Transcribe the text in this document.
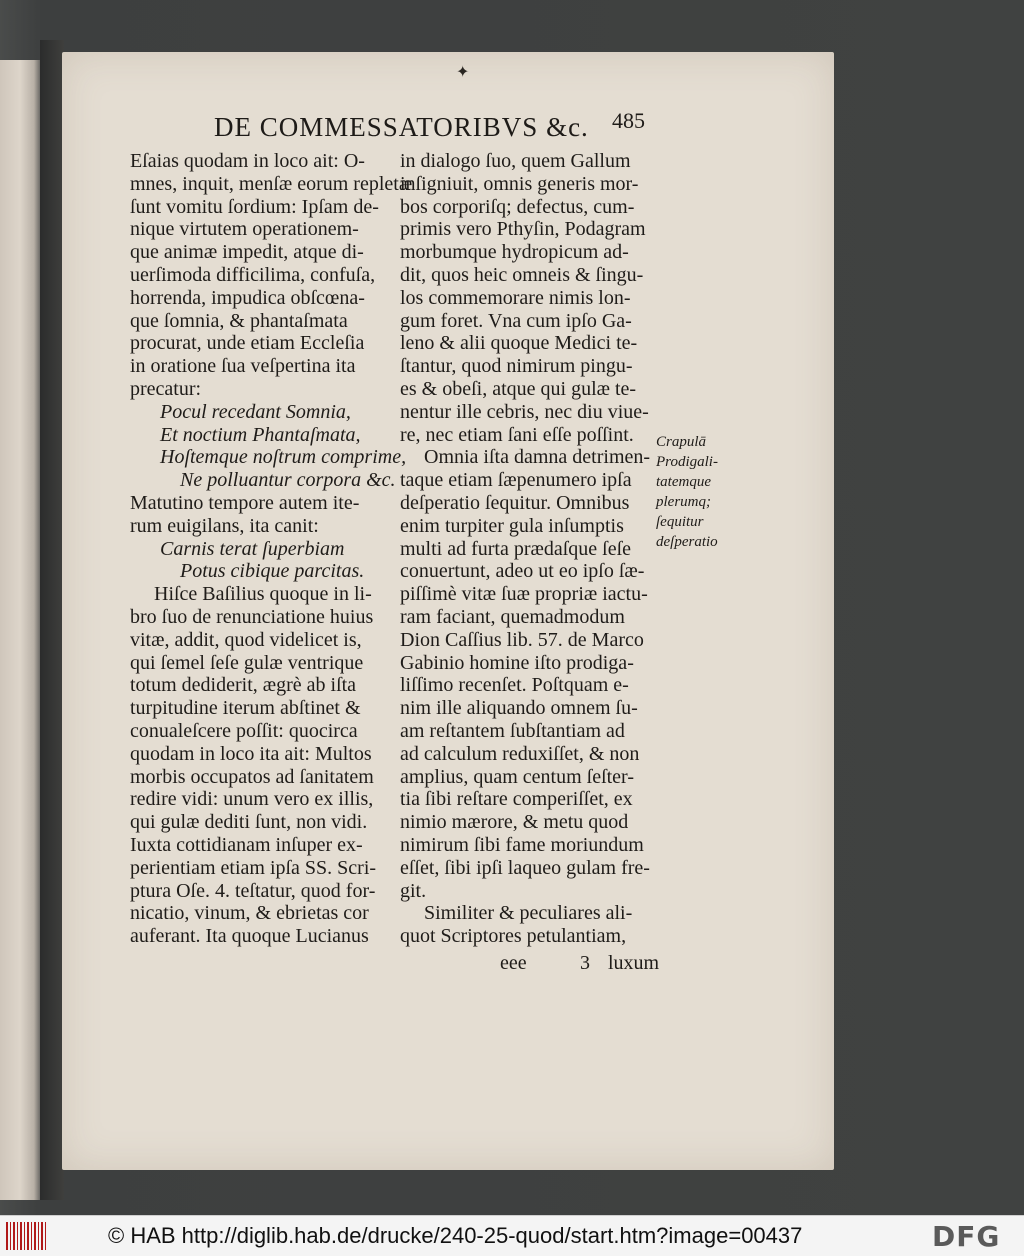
✦
DE COMMESSATORIBVS &c. 485
Eſaias quodam in loco ait: O-
mnes, inquit, menſæ eorum repletæ
ſunt vomitu ſordium: Ipſam de-
nique virtutem operationem-
que animæ impedit, atque di-
uerſimoda difficilima, confuſa,
horrenda, impudica obſcœna-
que ſomnia, & phantaſmata
procurat, unde etiam Eccleſia
in oratione ſua veſpertina ita
precatur:
Pocul recedant Somnia,
Et noctium Phantaſmata,
Hoſtemque noſtrum comprime,
Ne polluantur corpora &c.
Matutino tempore autem ite-
rum euigilans, ita canit:
Carnis terat ſuperbiam
Potus cibique parcitas.
Hiſce Baſilius quoque in li-
bro ſuo de renunciatione huius
vitæ, addit, quod videlicet is,
qui ſemel ſeſe gulæ ventrique
totum dediderit, ægrè ab iſta
turpitudine iterum abſtinet &
conualeſcere poſſit: quocirca
quodam in loco ita ait: Multos
morbis occupatos ad ſanitatem
redire vidi: unum vero ex illis,
qui gulæ dediti ſunt, non vidi.
Iuxta cottidianam inſuper ex-
perientiam etiam ipſa SS. Scri-
ptura Oſe. 4. teſtatur, quod for-
nicatio, vinum, & ebrietas cor
auferant. Ita quoque Lucianus
in dialogo ſuo, quem Gallum
inſigniuit, omnis generis mor-
bos corporiſq; defectus, cum-
primis vero Pthyſin, Podagram
morbumque hydropicum ad-
dit, quos heic omneis & ſingu-
los commemorare nimis lon-
gum foret. Vna cum ipſo Ga-
leno & alii quoque Medici te-
ſtantur, quod nimirum pingu-
es & obeſi, atque qui gulæ te-
nentur ille cebris, nec diu viue-
re, nec etiam ſani eſſe poſſint.
Omnia iſta damna detrimen-
taque etiam ſæpenumero ipſa
deſperatio ſequitur. Omnibus
enim turpiter gula inſumptis
multi ad furta prædaſque ſeſe
conuertunt, adeo ut eo ipſo ſæ-
piſſimè vitæ ſuæ propriæ iactu-
ram faciant, quemadmodum
Dion Caſſius lib. 57. de Marco
Gabinio homine iſto prodiga-
liſſimo recenſet. Poſtquam e-
nim ille aliquando omnem ſu-
am reſtantem ſubſtantiam ad
ad calculum reduxiſſet, & non
amplius, quam centum ſeſter-
tia ſibi reſtare comperiſſet, ex
nimio mærore, & metu quod
nimirum ſibi fame moriundum
eſſet, ſibi ipſi laqueo gulam fre-
git.
Similiter & peculiares ali-
quot Scriptores petulantiam,
Crapulā
Prodigali-
tatemque
plerumq;
ſequitur
deſperatio
eee	3 luxum
© HAB http://diglib.hab.de/drucke/240-25-quod/start.htm?image=00437	DFG
